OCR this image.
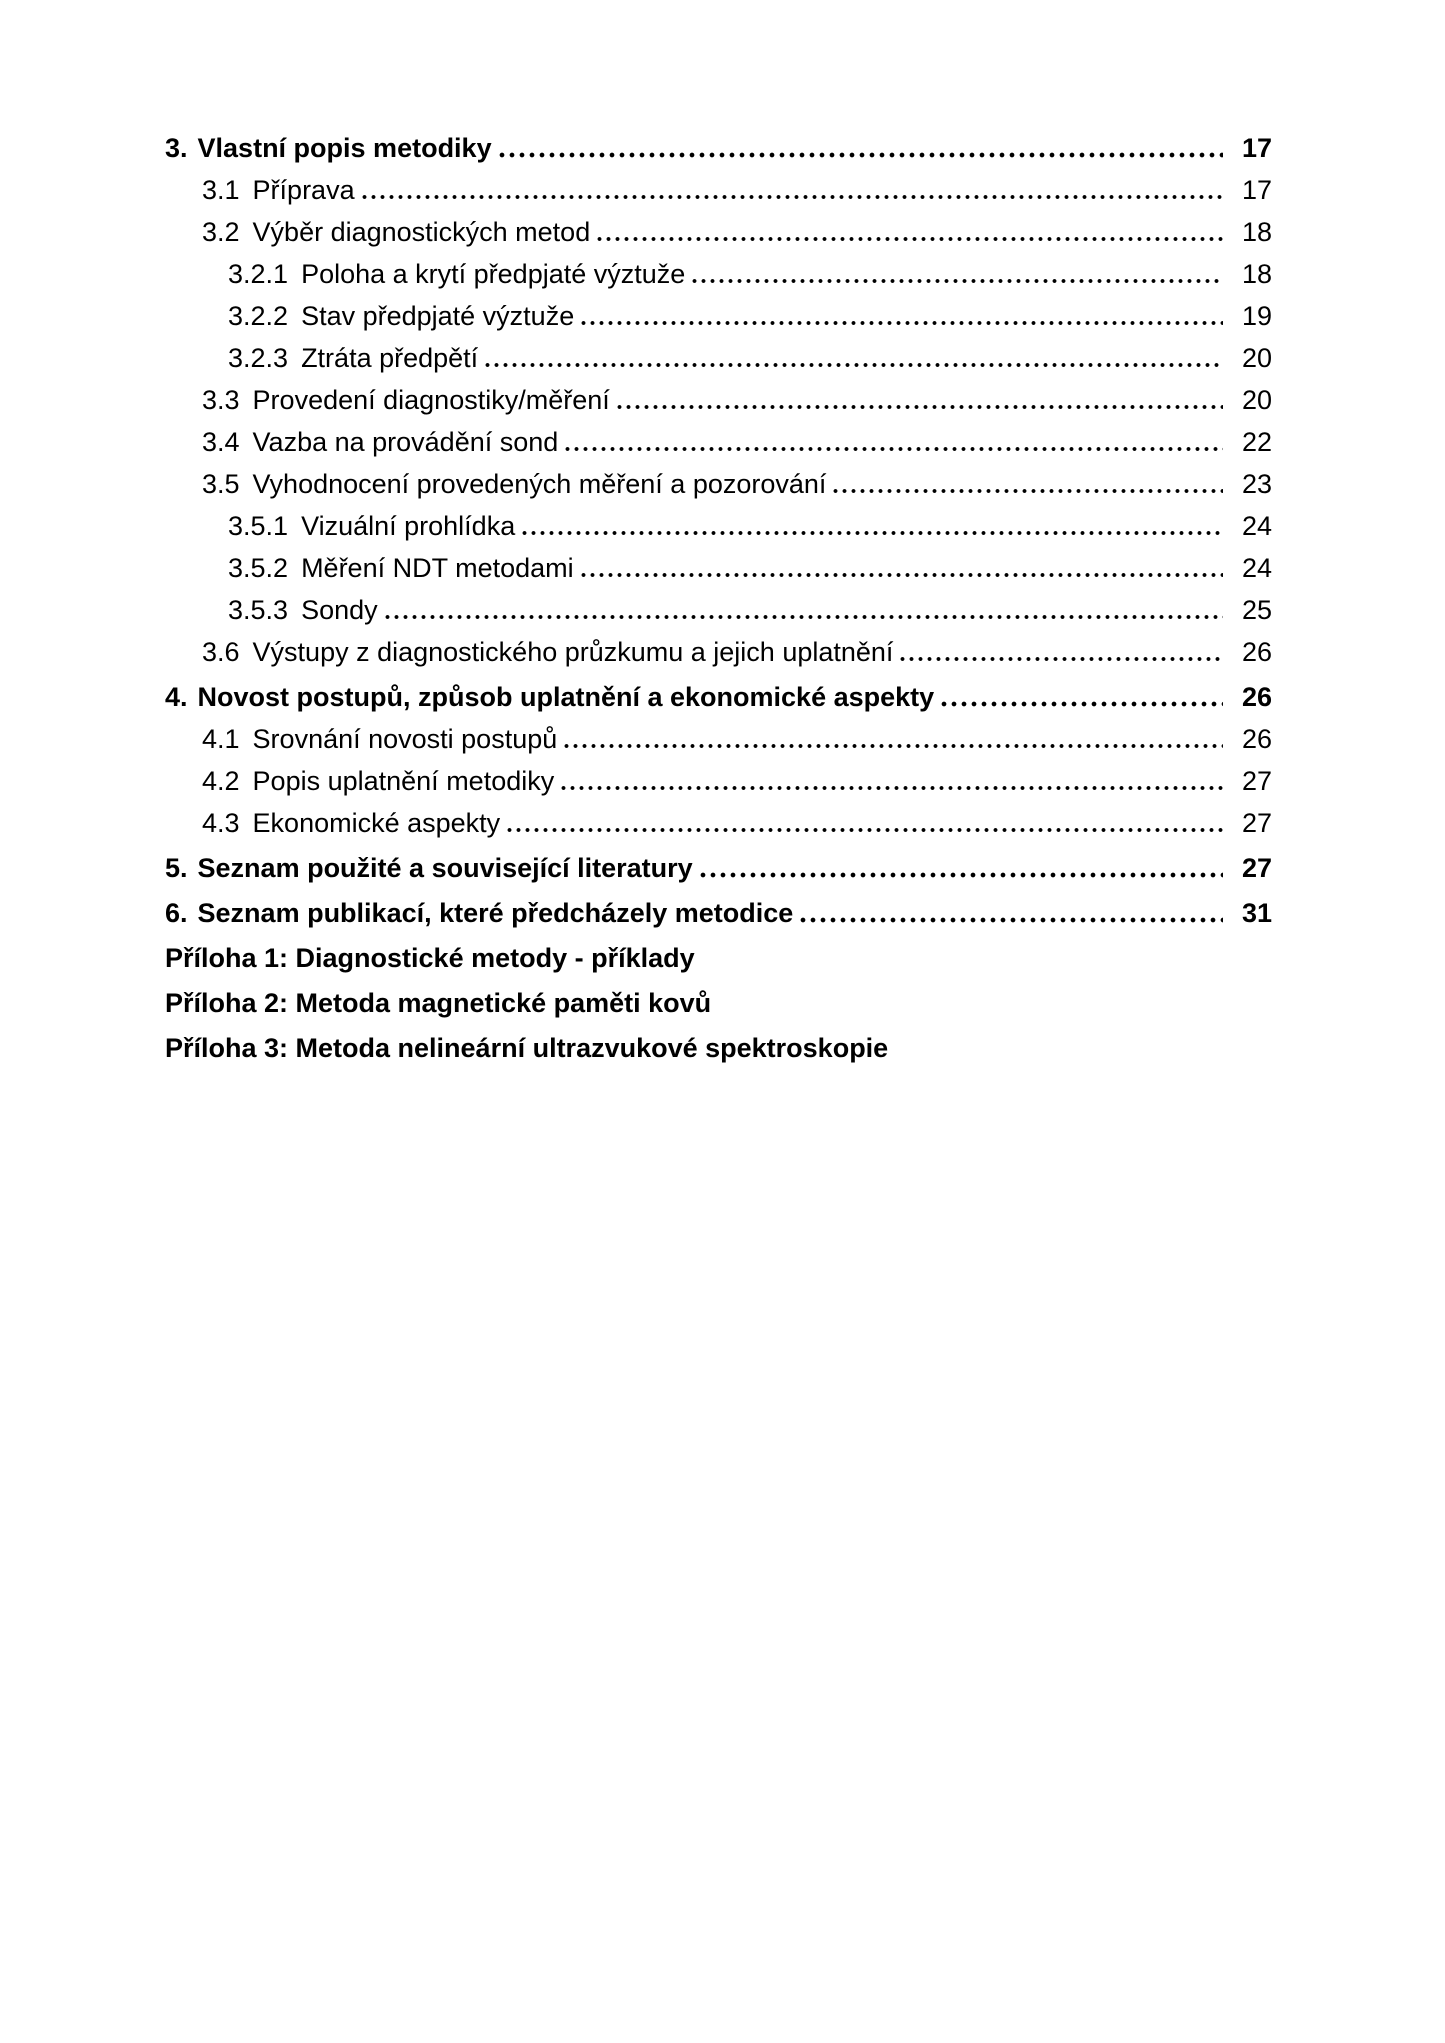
3. Vlastní popis metodiky	17
3.1 Příprava	17
3.2 Výběr diagnostických metod	18
3.2.1 Poloha a krytí předpjaté výztuže	18
3.2.2 Stav předpjaté výztuže	19
3.2.3 Ztráta předpětí	20
3.3 Provedení diagnostiky/měření	20
3.4 Vazba na provádění sond	22
3.5 Vyhodnocení provedených měření a pozorování	23
3.5.1 Vizuální prohlídka	24
3.5.2 Měření NDT metodami	24
3.5.3 Sondy	25
3.6 Výstupy z diagnostického průzkumu a jejich uplatnění	26
4. Novost postupů, způsob uplatnění a ekonomické aspekty	26
4.1 Srovnání novosti postupů	26
4.2 Popis uplatnění metodiky	27
4.3 Ekonomické aspekty	27
5. Seznam použité a související literatury	27
6. Seznam publikací, které předcházely metodice	31
Příloha 1: Diagnostické metody - příklady
Příloha 2: Metoda magnetické paměti kovů
Příloha 3: Metoda nelineární ultrazvukové spektroskopie
